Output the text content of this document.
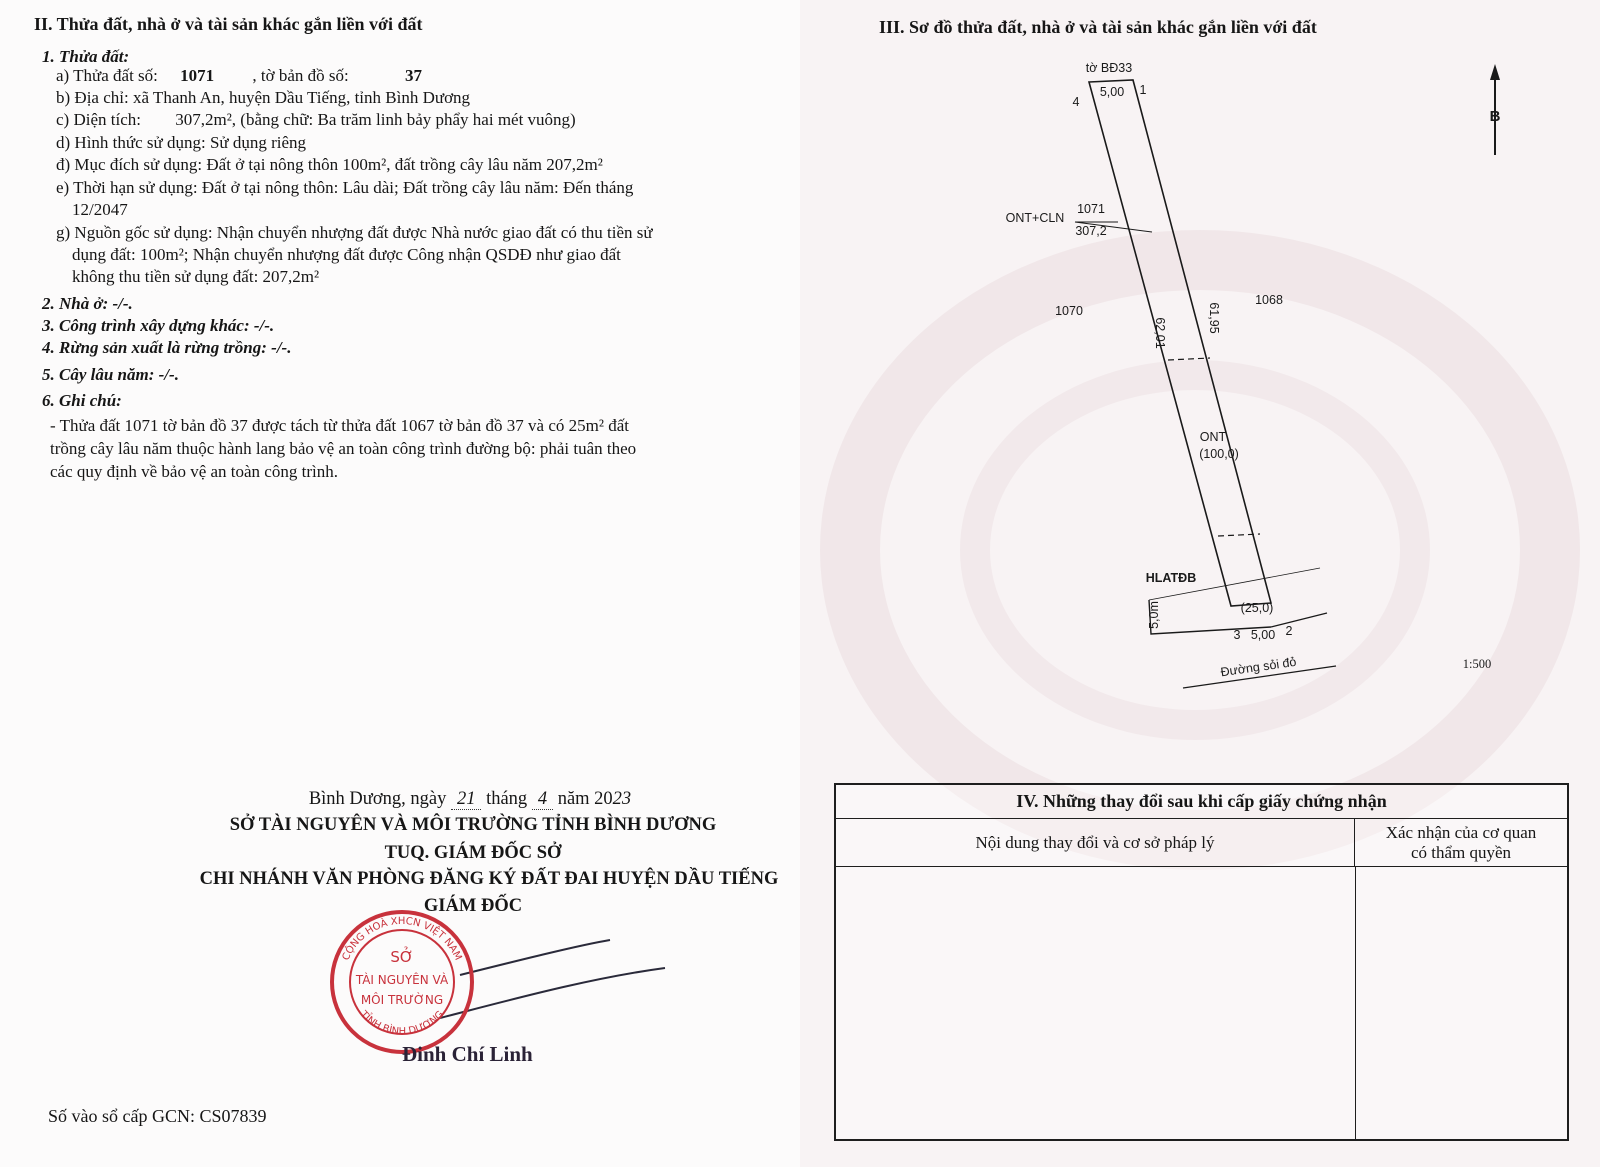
II. Thửa đất, nhà ở và tài sản khác gắn liền với đất
1. Thửa đất:
a) Thửa đất số: 1071 , tờ bản đồ số:	37
b) Địa chỉ: xã Thanh An, huyện Dầu Tiếng, tỉnh Bình Dương
c) Diện tích: 307,2m², (bằng chữ: Ba trăm linh bảy phẩy hai mét vuông)
d) Hình thức sử dụng: Sử dụng riêng
đ) Mục đích sử dụng: Đất ở tại nông thôn 100m², đất trồng cây lâu năm 207,2m²
e) Thời hạn sử dụng: Đất ở tại nông thôn: Lâu dài; Đất trồng cây lâu năm: Đến tháng
12/2047
g) Nguồn gốc sử dụng: Nhận chuyển nhượng đất được Nhà nước giao đất có thu tiền sử
dụng đất: 100m²; Nhận chuyển nhượng đất được Công nhận QSDĐ như giao đất
không thu tiền sử dụng đất: 207,2m²
2. Nhà ở: -/-.
3. Công trình xây dựng khác: -/-.
4. Rừng sản xuất là rừng trồng: -/-.
5. Cây lâu năm: -/-.
6. Ghi chú:
- Thửa đất 1071 tờ bản đồ 37 được tách từ thửa đất 1067 tờ bản đồ 37 và có 25m² đất
trồng cây lâu năm thuộc hành lang bảo vệ an toàn công trình đường bộ: phải tuân theo
các quy định về bảo vệ an toàn công trình.
Bình Dương, ngày 21 tháng 4 năm 2023
SỞ TÀI NGUYÊN VÀ MÔI TRƯỜNG TỈNH BÌNH DƯƠNG
TUQ. GIÁM ĐỐC SỞ
CHI NHÁNH VĂN PHÒNG ĐĂNG KÝ ĐẤT ĐAI HUYỆN DẦU TIẾNG
GIÁM ĐỐC
CỘNG HOÀ XHCN VIỆT NAM
TỈNH BÌNH DƯƠNG
SỞ
TÀI NGUYÊN VÀ
MÔI TRƯỜNG
Đinh Chí Linh
Số vào sổ cấp GCN: CS07839
III. Sơ đồ thửa đất, nhà ở và tài sản khác gắn liền với đất
B
tờ BĐ33
4
5,00 1
ONT+CLN
1071
307,2
1070
1068
62,01	61,95
ONT
(100,0)
HLATĐB
5,0m	(25,0)
3 5,00 2
Đường sỏi đỏ	1:500
IV. Những thay đổi sau khi cấp giấy chứng nhận
Nội dung thay đổi và cơ sở pháp lý
Xác nhận của cơ quan
có thẩm quyền
